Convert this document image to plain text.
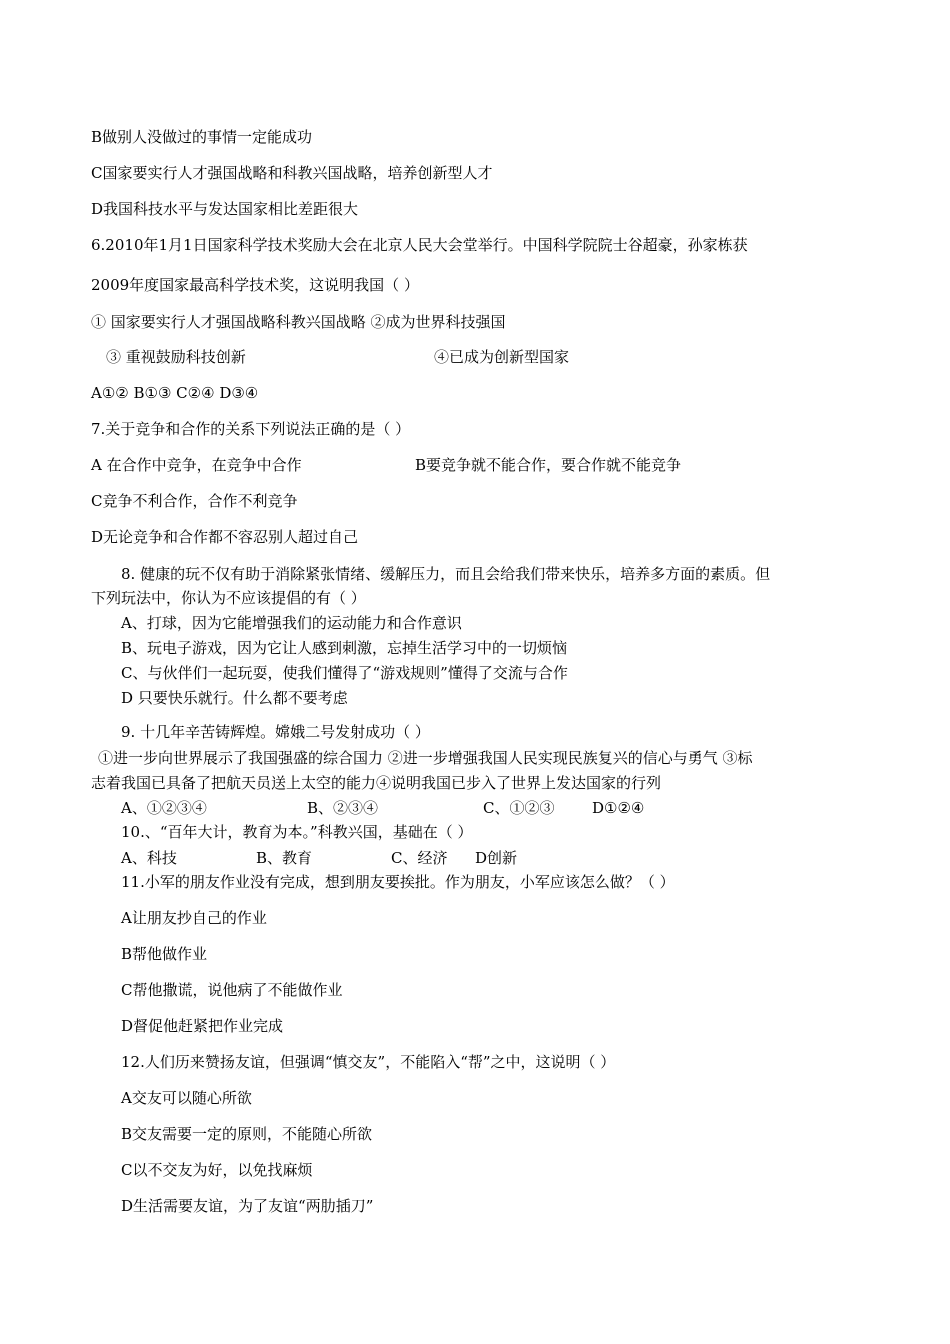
B做别人没做过的事情一定能成功
C国家要实行人才强国战略和科教兴国战略，培养创新型人才
D我国科技水平与发达国家相比差距很大
6.2010年1月1日国家科学技术奖励大会在北京人民大会堂举行。中国科学院院士谷超豪，孙家栋获
2009年度国家最高科学技术奖，这说明我国（ ）
① 国家要实行人才强国战略科教兴国战略 ②成为世界科技强国
③ 重视鼓励科技创新	④已成为创新型国家
A①② B①③ C②④ D③④
7.关于竞争和合作的关系下列说法正确的是（ ）
A 在合作中竞争，在竞争中合作	B要竞争就不能合作，要合作就不能竞争
C竞争不利合作，合作不利竞争
D无论竞争和合作都不容忍别人超过自己
8. 健康的玩不仅有助于消除紧张情绪、缓解压力，而且会给我们带来快乐，培养多方面的素质。但
下列玩法中，你认为不应该提倡的有（ ）
A、打球，因为它能增强我们的运动能力和合作意识
B、玩电子游戏，因为它让人感到刺激，忘掉生活学习中的一切烦恼
C、与伙伴们一起玩耍，使我们懂得了“游戏规则”懂得了交流与合作
D 只要快乐就行。什么都不要考虑
9. 十几年辛苦铸辉煌。嫦娥二号发射成功（ ）
①进一步向世界展示了我国强盛的综合国力 ②进一步增强我国人民实现民族复兴的信心与勇气 ③标
志着我国已具备了把航天员送上太空的能力④说明我国已步入了世界上发达国家的行列
A、①②③④	B、②③④	C、①②③	D①②④
10.、“百年大计，教育为本。”科教兴国，基础在（ ）
A、科技	B、教育	C、经济 D创新
11.小军的朋友作业没有完成，想到朋友要挨批。作为朋友，小军应该怎么做？（ ）
A让朋友抄自己的作业
B帮他做作业
C帮他撒谎，说他病了不能做作业
D督促他赶紧把作业完成
12.人们历来赞扬友谊，但强调“慎交友”，不能陷入“帮”之中，这说明（ ）
A交友可以随心所欲
B交友需要一定的原则，不能随心所欲
C以不交友为好，以免找麻烦
D生活需要友谊，为了友谊“两肋插刀”
